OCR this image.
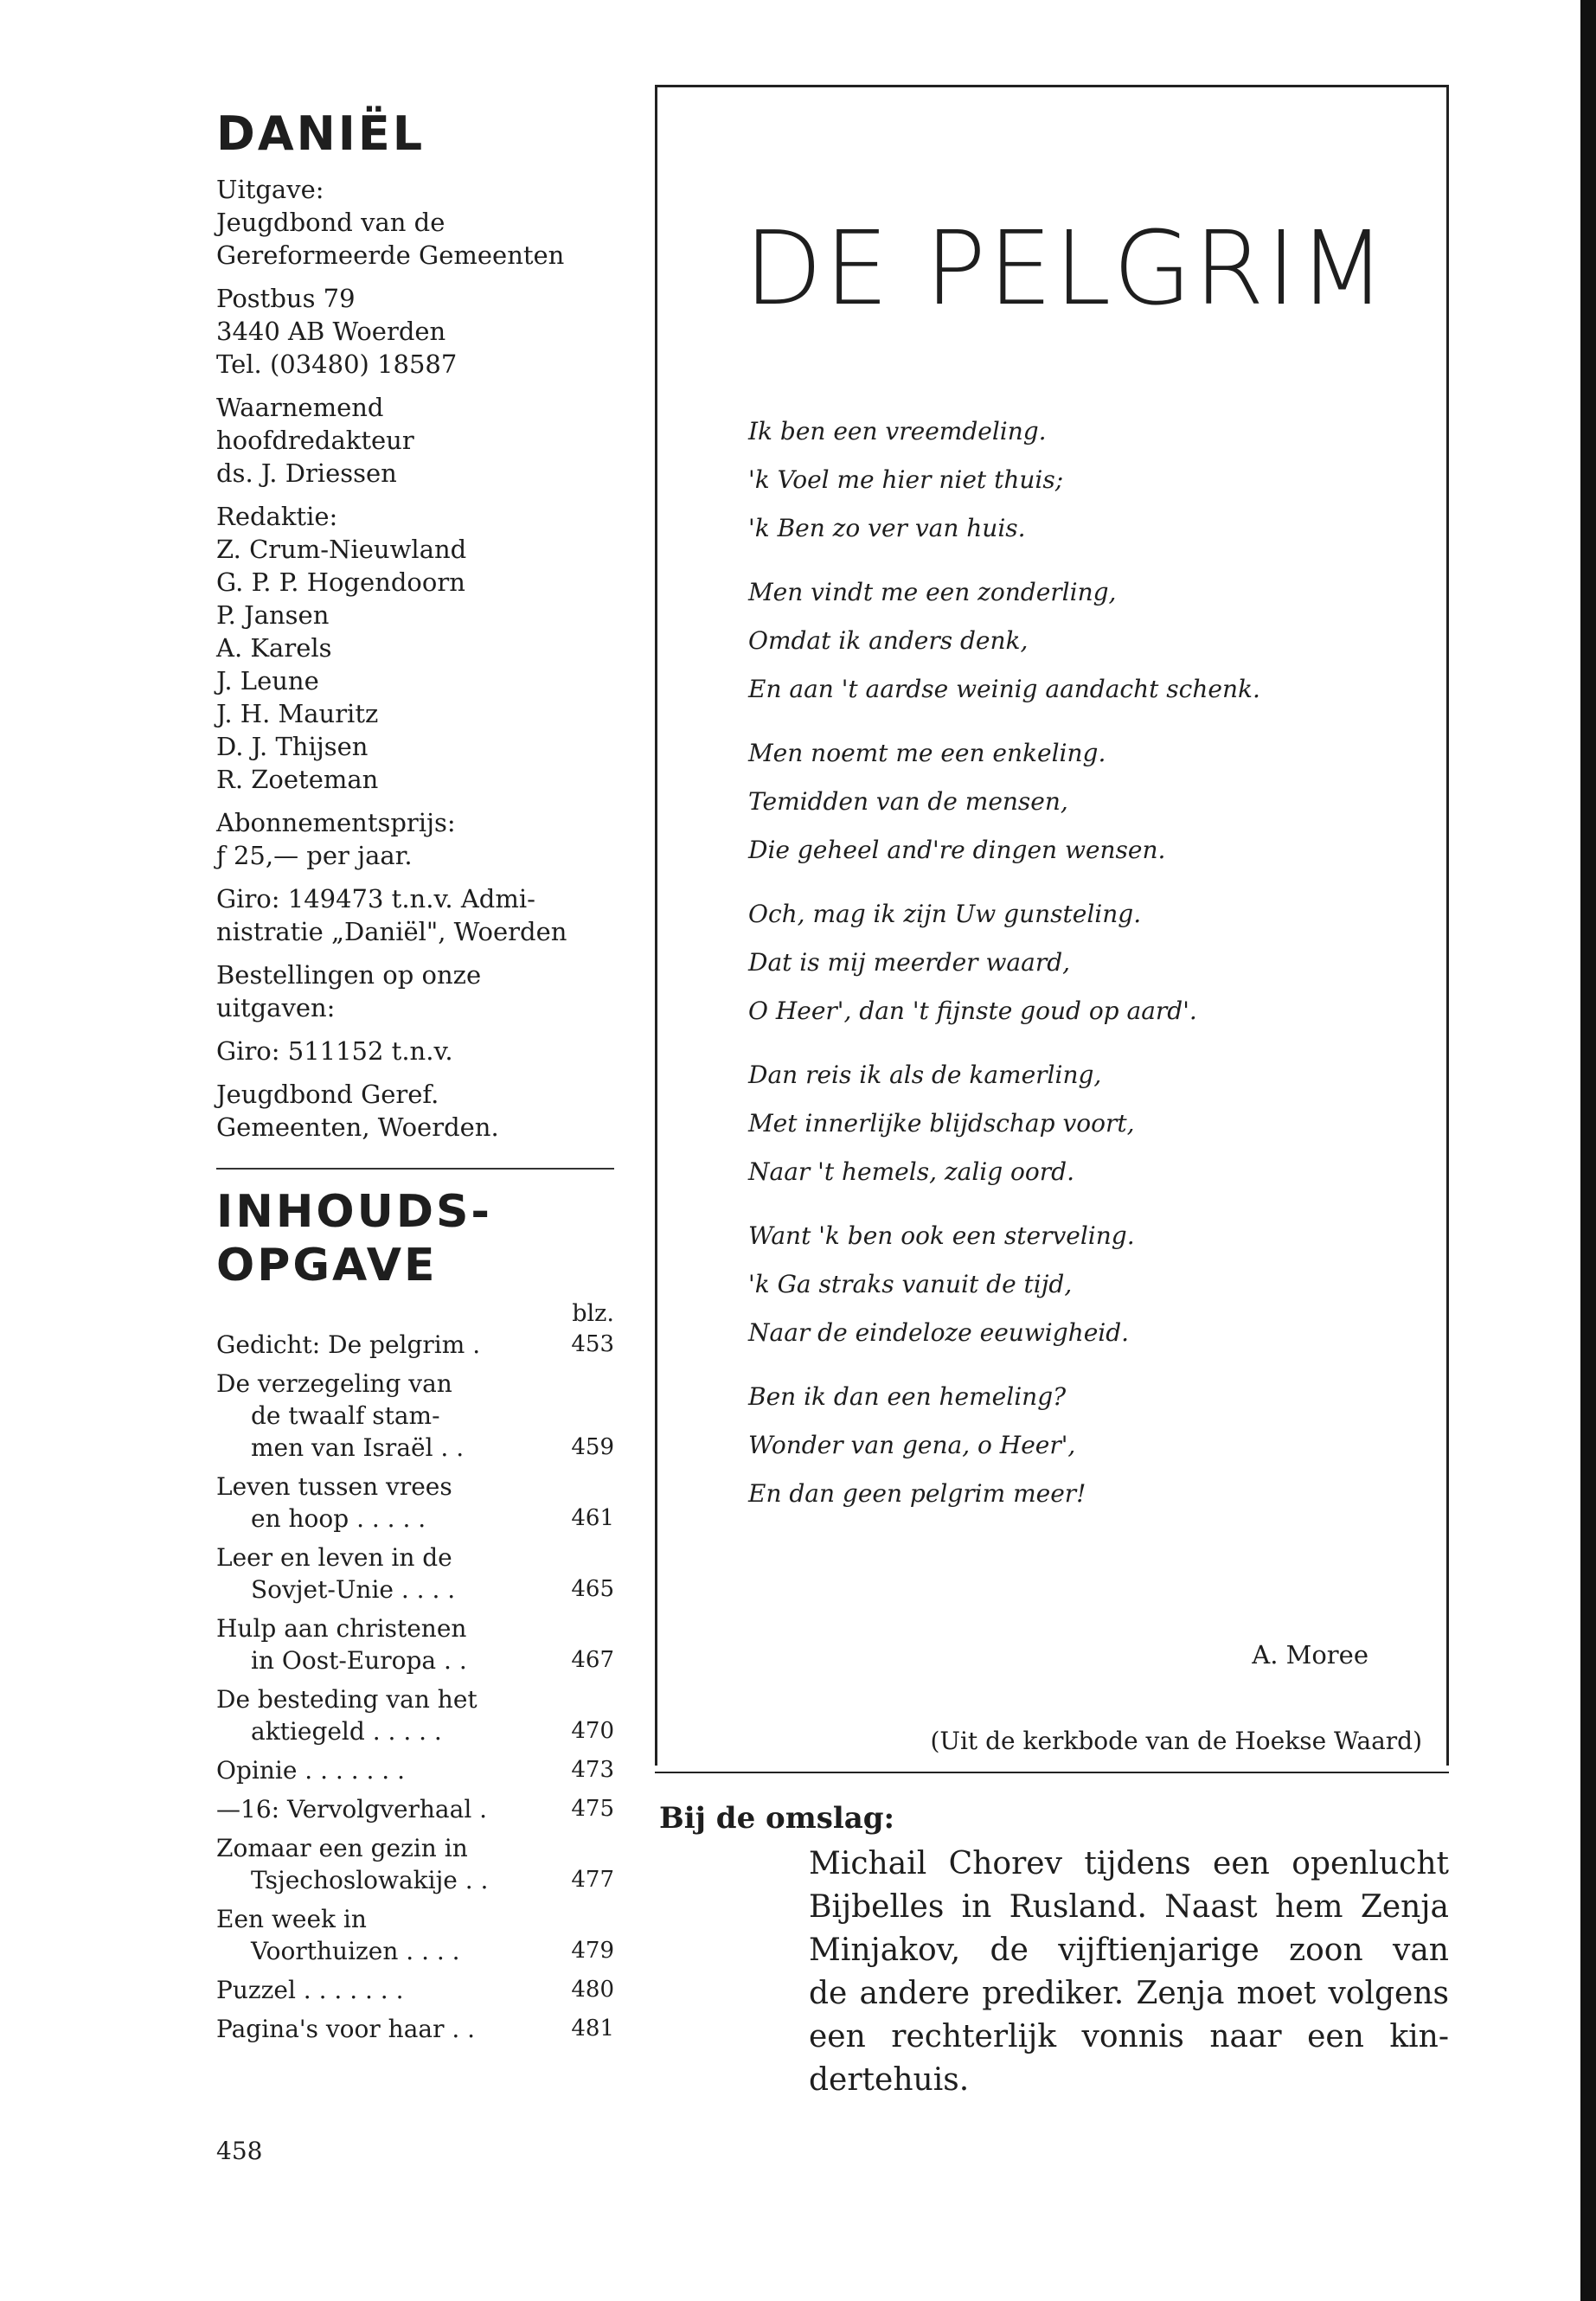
DANIËL
Uitgave:
Jeugdbond van de
Gereformeerde Gemeenten
Postbus 79
3440 AB Woerden
Tel. (03480) 18587
Waarnemend
hoofdredakteur
ds. J. Driessen
Redaktie:
Z. Crum-Nieuwland
G. P. P. Hogendoorn
P. Jansen
A. Karels
J. Leune
J. H. Mauritz
D. J. Thijsen
R. Zoeteman
Abonnementsprijs:
ƒ 25,— per jaar.
Giro: 149473 t.n.v. Admi-
nistratie „Daniël", Woerden
Bestellingen op onze
uitgaven:
Giro: 511152 t.n.v.
Jeugdbond Geref.
Gemeenten, Woerden.
INHOUDS-
OPGAVE
blz.
Gedicht: De pelgrim .	453
De verzegeling van
de twaalf stam-
men van Israël . .	459
Leven tussen vrees
en hoop . . . . .	461
Leer en leven in de
Sovjet-Unie . . . .	465
Hulp aan christenen
in Oost-Europa . .	467
De besteding van het
aktiegeld . . . . .	470
Opinie . . . . . . .	473
—16: Vervolgverhaal .	475
Zomaar een gezin in
Tsjechoslowakije . .	477
Een week in
Voorthuizen . . . .	479
Puzzel . . . . . . .	480
Pagina's voor haar . .	481
458
DE PELGRIM
Ik ben een vreemdeling.
'k Voel me hier niet thuis;
'k Ben zo ver van huis.
Men vindt me een zonderling,
Omdat ik anders denk,
En aan 't aardse weinig aandacht schenk.
Men noemt me een enkeling.
Temidden van de mensen,
Die geheel and're dingen wensen.
Och, mag ik zijn Uw gunsteling.
Dat is mij meerder waard,
O Heer', dan 't fijnste goud op aard'.
Dan reis ik als de kamerling,
Met innerlijke blijdschap voort,
Naar 't hemels, zalig oord.
Want 'k ben ook een sterveling.
'k Ga straks vanuit de tijd,
Naar de eindeloze eeuwigheid.
Ben ik dan een hemeling?
Wonder van gena, o Heer',
En dan geen pelgrim meer!
A. Moree
(Uit de kerkbode van de Hoekse Waard)
Bij de omslag:
Michail Chorev tijdens een openlucht
Bijbelles in Rusland. Naast hem Zenja
Minjakov, de vijftienjarige zoon van
de andere prediker. Zenja moet volgens
een rechterlijk vonnis naar een kin-
dertehuis.
